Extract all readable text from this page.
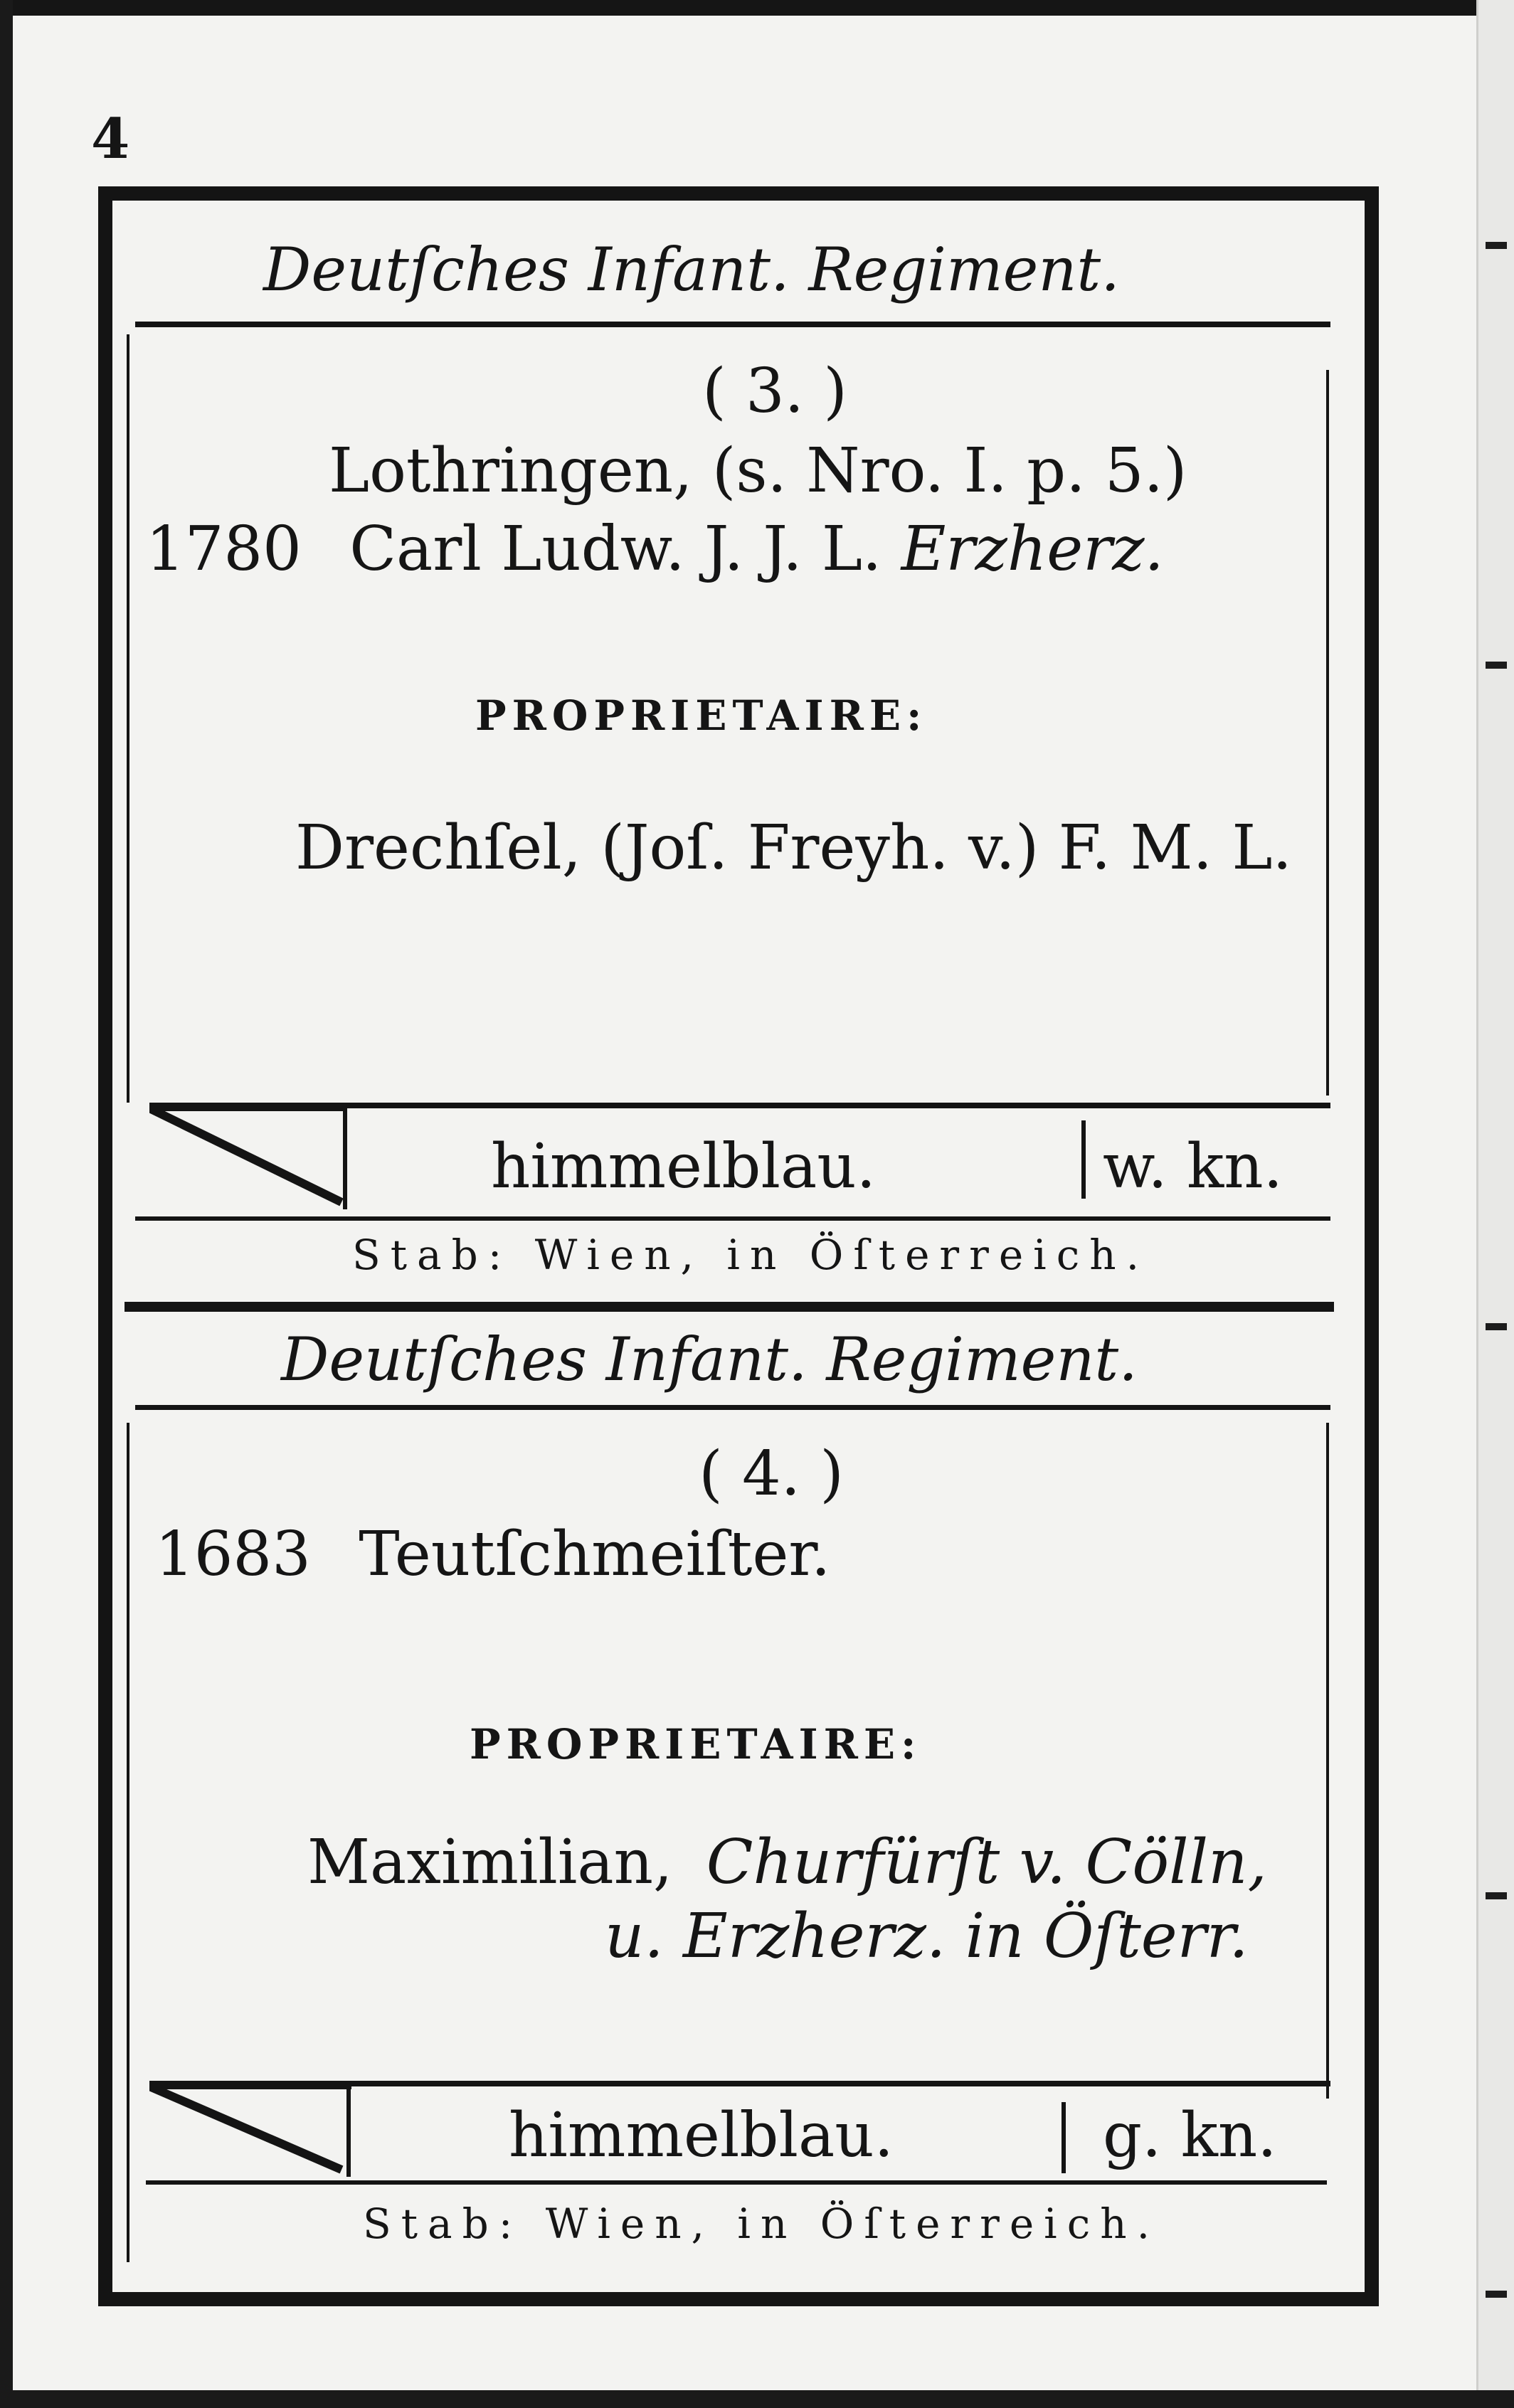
4
Deutſches Infant. Regiment.
( 3. )
Lothringen, (s. Nro. I. p. 5.)
1780 Carl Ludw. J. J. L. Erzherz.
PROPRIETAIRE:
Drechſel, (Joſ. Freyh. v.) F. M. L.
himmelblau.	w. kn.
Stab: Wien, in Öſterreich.
Deutſches Infant. Regiment.
( 4. )
1683 Teutſchmeiſter.
PROPRIETAIRE:
Maximilian, Churfürſt v. Cölln,
u. Erzherz. in Öſterr.
himmelblau.	g. kn.
Stab: Wien, in Öſterreich.
